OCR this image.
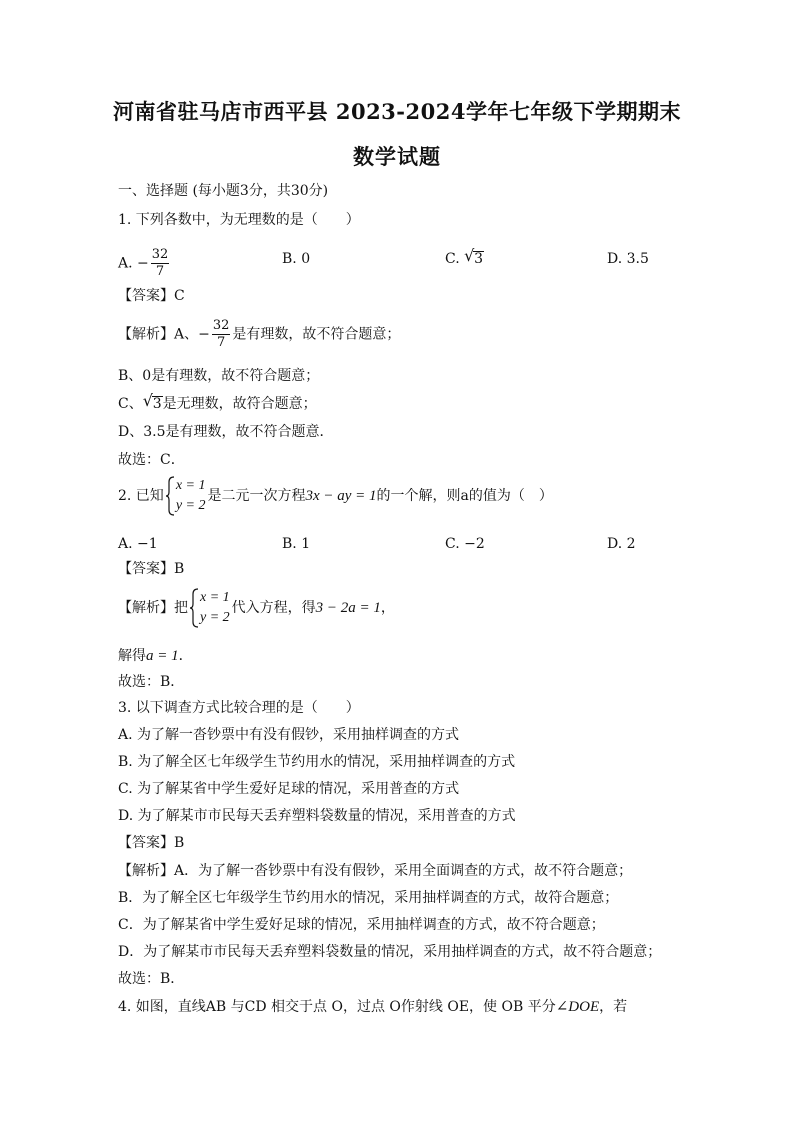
河南省驻马店市西平县 2023-2024学年七年级下学期期末
数学试题
一、选择题 (每小题3分，共30分)
1. 下列各数中，为无理数的是（　　）
A. − $\frac{32}{7}$	B. 0	C. √ 3	D. 3.5
【答案】C
【解析】A、− $\frac{32}{7}$ 是有理数，故不符合题意；
B、0是有理数，故不符合题意；
C、 √ 3是无理数，故符合题意；
D、3.5是有理数，故不符合题意．
故选：C．
2. 已知
x = 1
y = 2
是二元一次方程3x − ay = 1的一个解，则a的值为（　）
A. −1	B. 1	C. −2	D. 2
【答案】B
【解析】把
x = 1
y = 2
代入方程，得3 − 2a = 1，
解得a = 1．
故选：B．
3. 以下调查方式比较合理的是（　　）
A. 为了解一沓钞票中有没有假钞，采用抽样调查的方式
B. 为了解全区七年级学生节约用水的情况，采用抽样调查的方式
C. 为了解某省中学生爱好足球的情况，采用普查的方式
D. 为了解某市市民每天丢弃塑料袋数量的情况，采用普查的方式
【答案】B
【解析】A．为了解一沓钞票中有没有假钞，采用全面调查的方式，故不符合题意；
B．为了解全区七年级学生节约用水的情况，采用抽样调查的方式，故符合题意；
C．为了解某省中学生爱好足球的情况，采用抽样调查的方式，故不符合题意；
D．为了解某市市民每天丢弃塑料袋数量的情况，采用抽样调查的方式，故不符合题意；
故选：B．
4. 如图，直线AB 与CD 相交于点 O，过点 O作射线 OE，使 OB 平分∠DOE，若
